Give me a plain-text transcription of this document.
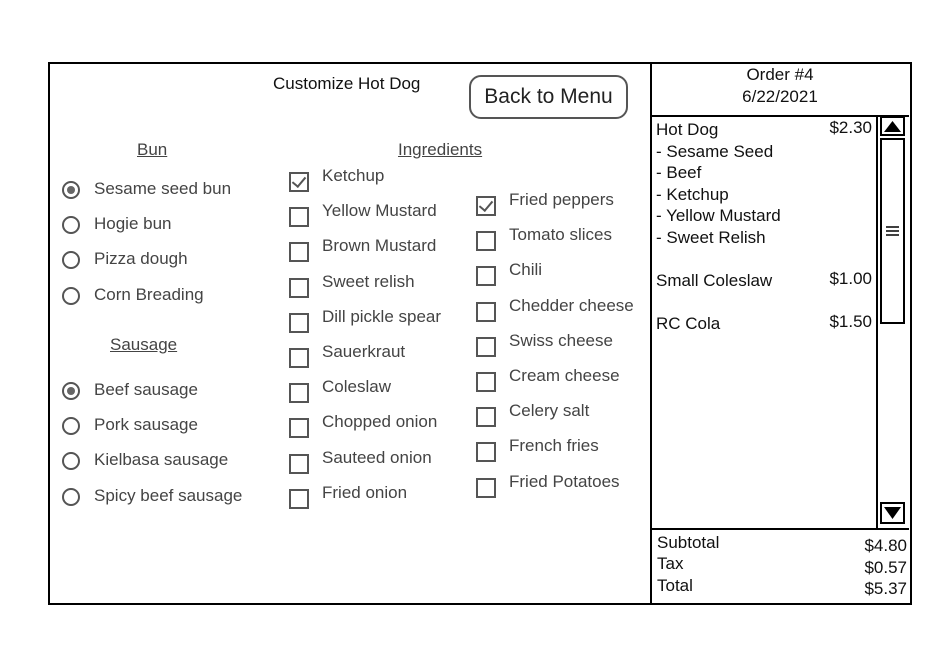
Customize Hot Dog
Back to Menu
Bun
Sesame seed bun
Hogie bun
Pizza dough
Corn Breading
Sausage
Beef sausage
Pork sausage
Kielbasa sausage
Spicy beef sausage
Ingredients
Ketchup
Yellow Mustard
Brown Mustard
Sweet relish
Dill pickle spear
Sauerkraut
Coleslaw
Chopped onion
Sauteed onion
Fried onion
Fried peppers
Tomato slices
Chili
Chedder cheese
Swiss cheese
Cream cheese
Celery salt
French fries
Fried Potatoes
Order #4
6/22/2021
Hot Dog	$2.30
- Sesame Seed
- Beef
- Ketchup
- Yellow Mustard
- Sweet Relish
Small Coleslaw	$1.00
RC Cola	$1.50
Subtotal	$4.80
Tax	$0.57
Total	$5.37
